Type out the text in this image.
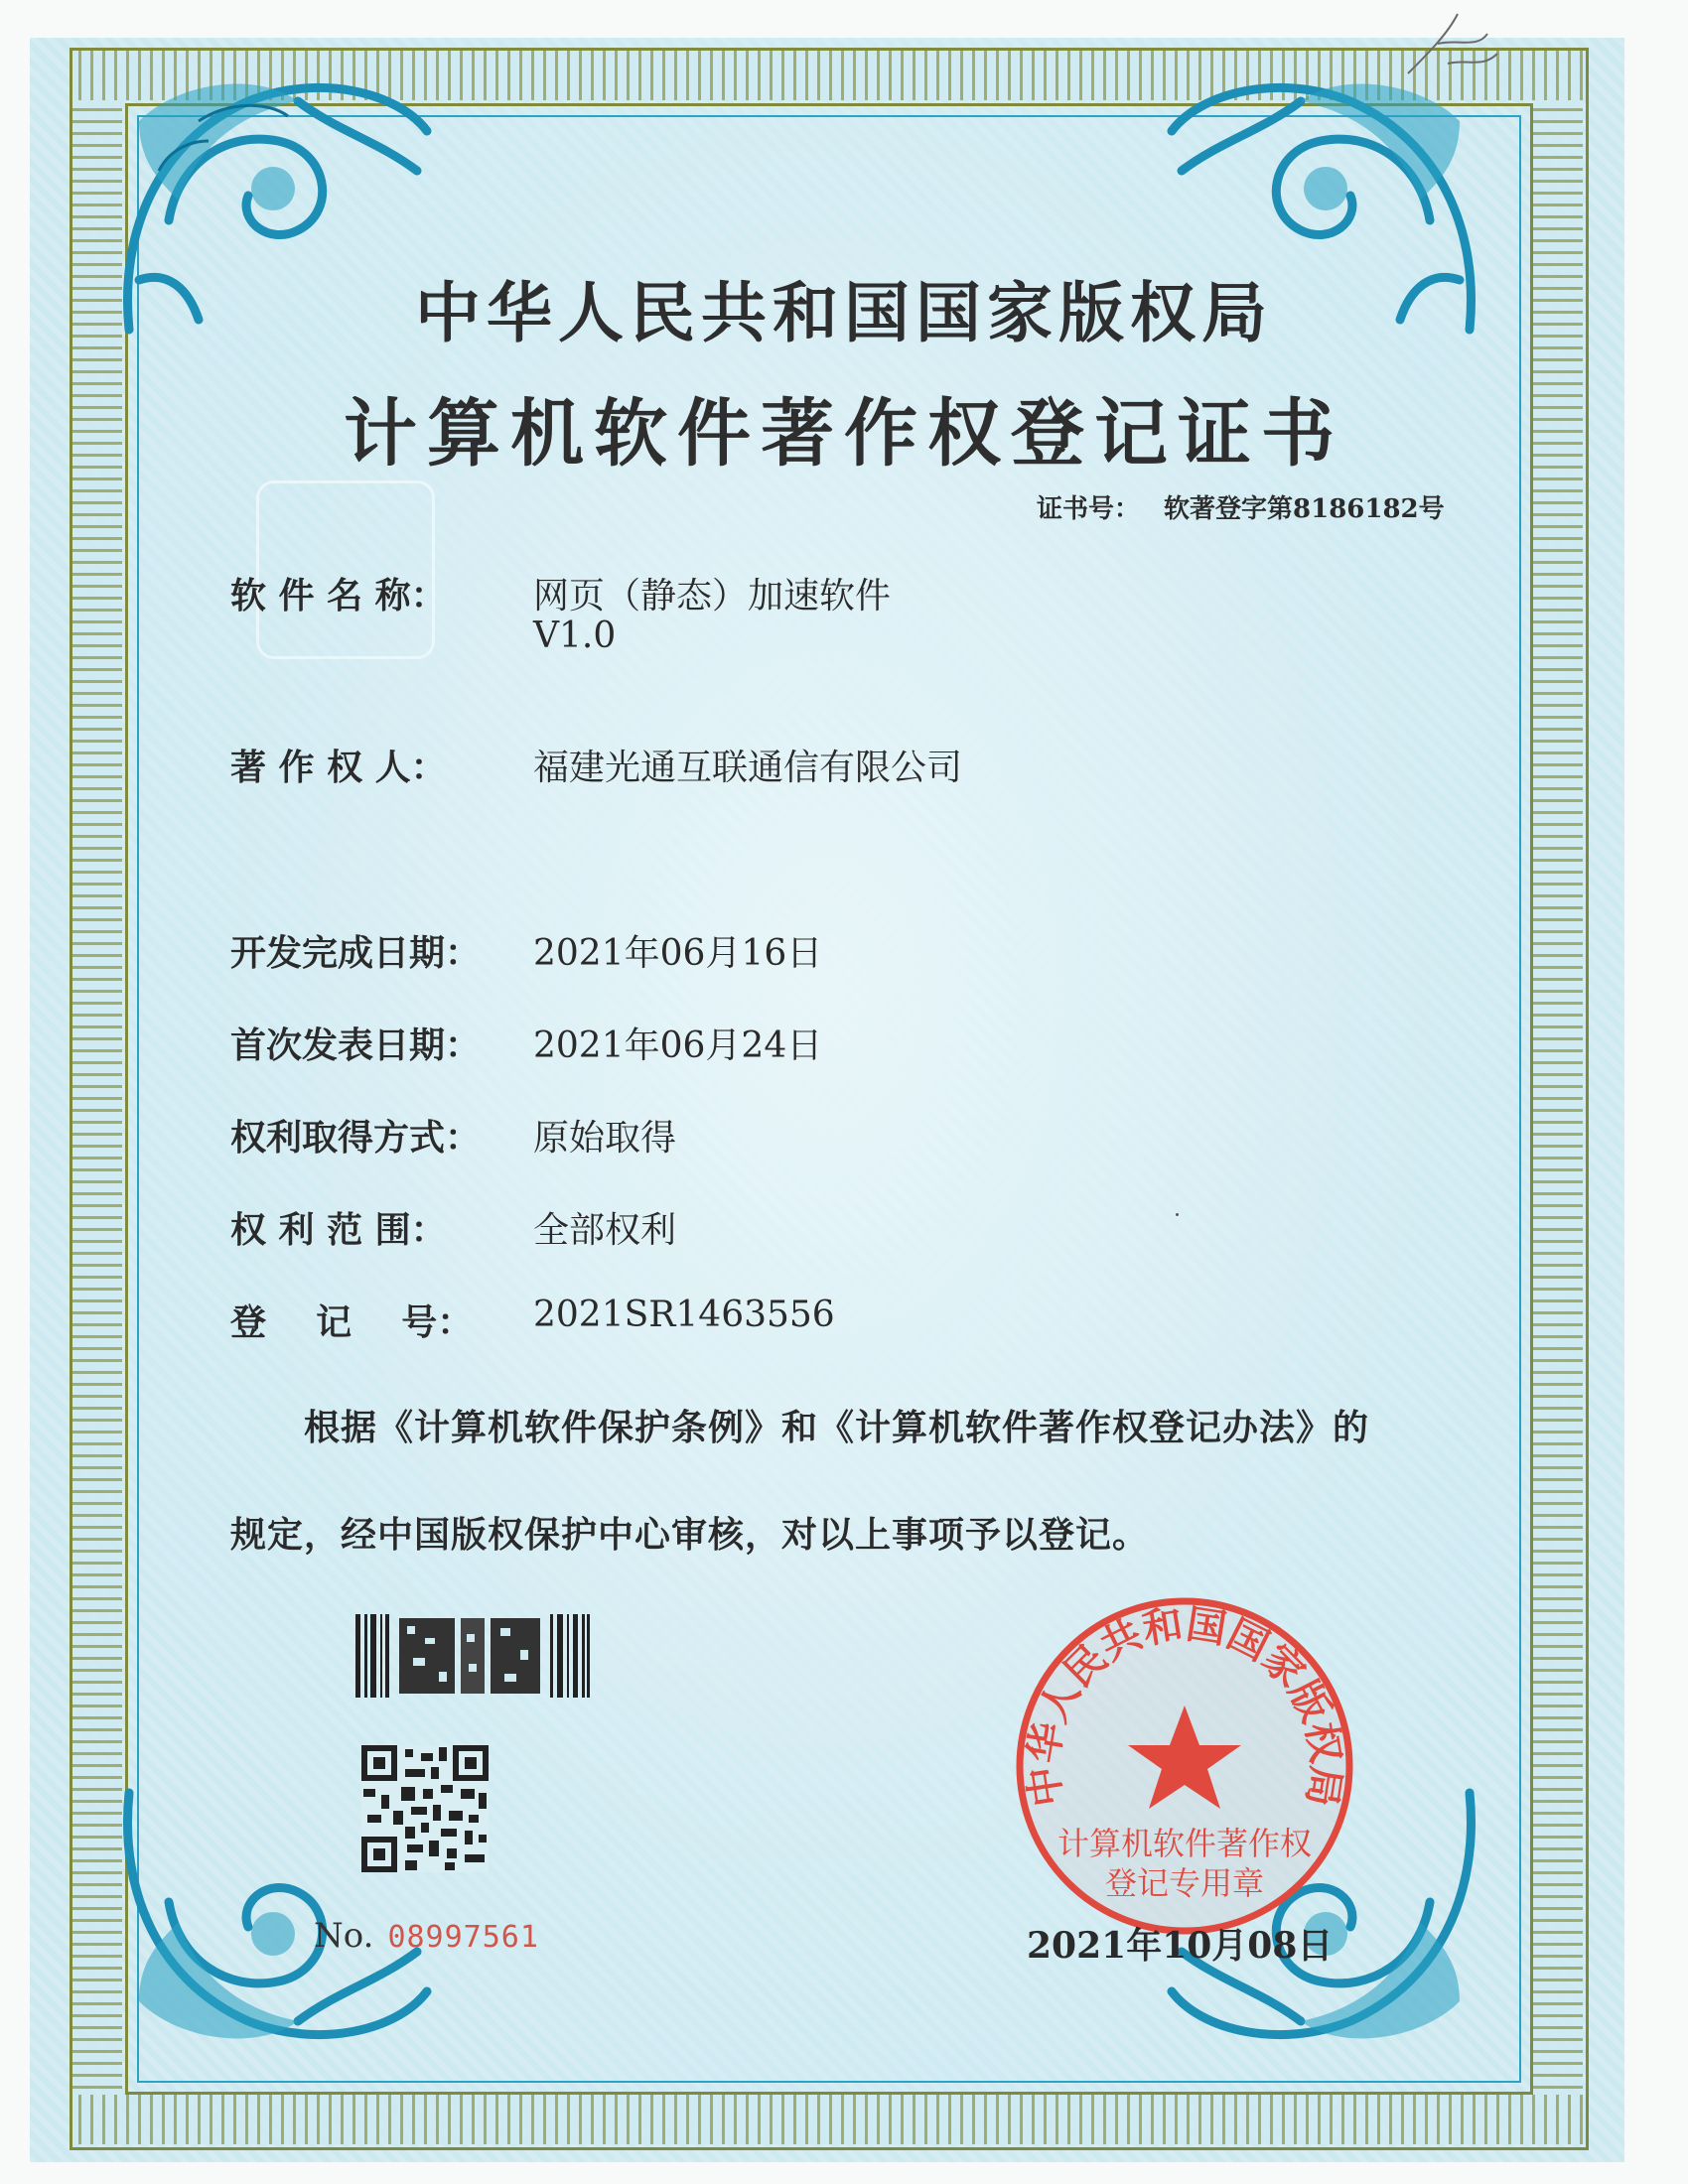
中华人民共和国国家版权局
计算机软件著作权登记证书
证书号： 软著登字第8186182号
软 件 名 称：	网页（静态）加速软件
V1.0
著 作 权 人：	福建光通互联通信有限公司
开发完成日期：	2021年06月16日
首次发表日期：	2021年06月24日
权利取得方式：	原始取得
权 利 范 围：	全部权利
登    记    号：	2021SR1463556
根据《计算机软件保护条例》和《计算机软件著作权登记办法》的
规定，经中国版权保护中心审核，对以上事项予以登记。
No. 08997561
中华人民共和国国家版权局
计算机软件著作权
登记专用章
2021年10月08日
